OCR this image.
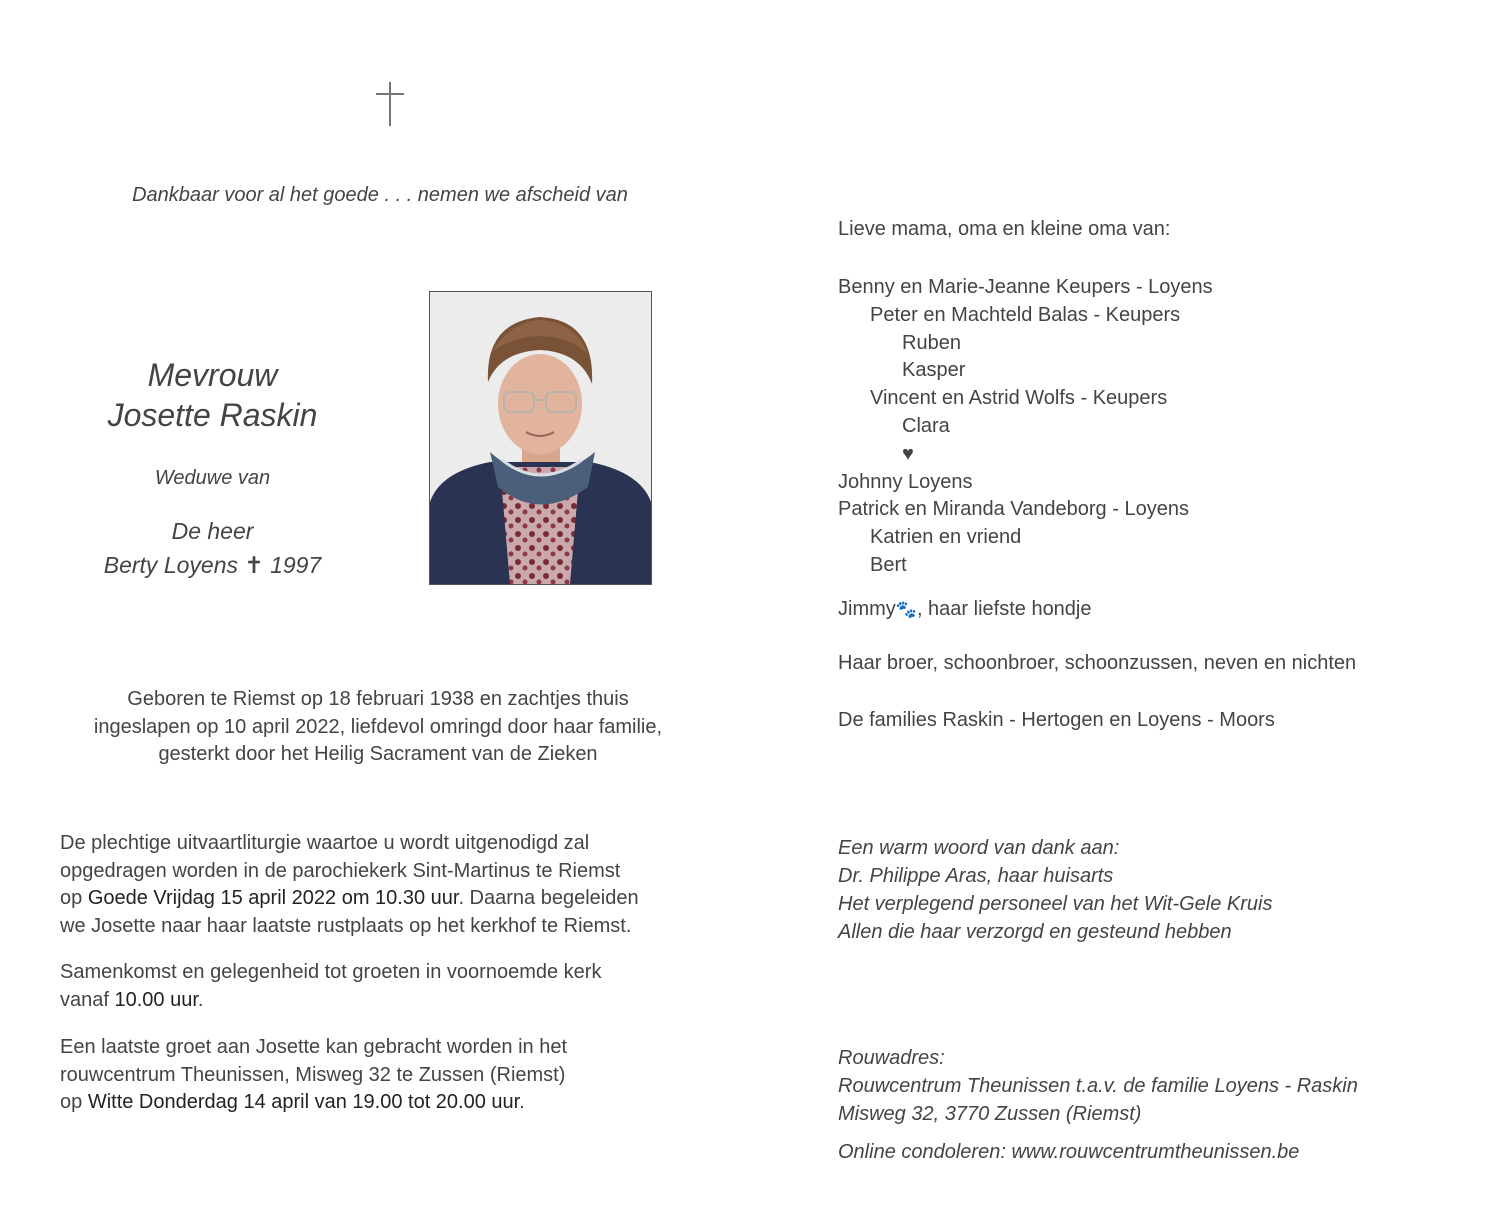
Dankbaar voor al het goede . . . nemen we afscheid van
Mevrouw
Josette Raskin
Weduwe van
De heer
Berty Loyens ✝ 1997
Geboren te Riemst op 18 februari 1938 en zachtjes thuis
ingeslapen op 10 april 2022, liefdevol omringd door haar familie,
gesterkt door het Heilig Sacrament van de Zieken
De plechtige uitvaartliturgie waartoe u wordt uitgenodigd zal
opgedragen worden in de parochiekerk Sint-Martinus te Riemst
op Goede Vrijdag 15 april 2022 om 10.30 uur. Daarna begeleiden
we Josette naar haar laatste rustplaats op het kerkhof te Riemst.
Samenkomst en gelegenheid tot groeten in voornoemde kerk
vanaf 10.00 uur.
Een laatste groet aan Josette kan gebracht worden in het
rouwcentrum Theunissen, Misweg 32 te Zussen (Riemst)
op Witte Donderdag 14 april van 19.00 tot 20.00 uur.
Lieve mama, oma en kleine oma van:
Benny en Marie-Jeanne Keupers - Loyens
Peter en Machteld Balas - Keupers
Ruben
Kasper
Vincent en Astrid Wolfs - Keupers
Clara
♥
Johnny Loyens
Patrick en Miranda Vandeborg - Loyens
Katrien en vriend
Bert
Jimmy🐾, haar liefste hondje
Haar broer, schoonbroer, schoonzussen, neven en nichten
De families Raskin - Hertogen en Loyens - Moors
Een warm woord van dank aan:
Dr. Philippe Aras, haar huisarts
Het verplegend personeel van het Wit-Gele Kruis
Allen die haar verzorgd en gesteund hebben
Rouwadres:
Rouwcentrum Theunissen t.a.v. de familie Loyens - Raskin
Misweg 32, 3770 Zussen (Riemst)
Online condoleren: www.rouwcentrumtheunissen.be
